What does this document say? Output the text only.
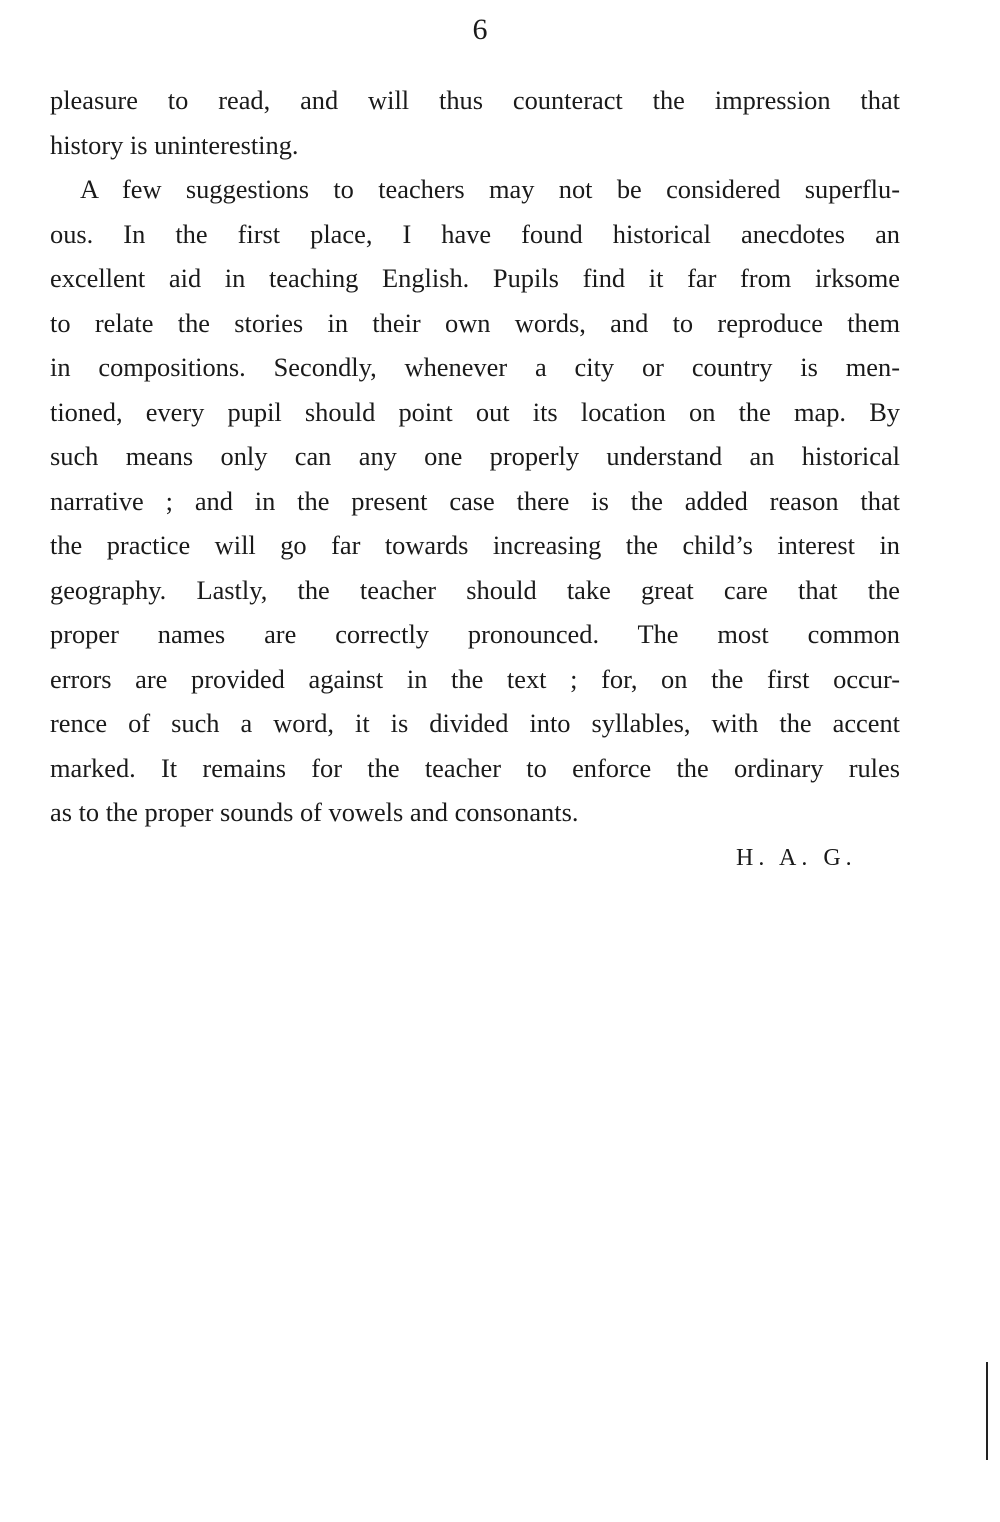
6
pleasure to read, and will thus counteract the impression that
history is uninteresting.
A few suggestions to teachers may not be considered superflu-
ous. In the first place, I have found historical anecdotes an
excellent aid in teaching English. Pupils find it far from irksome
to relate the stories in their own words, and to reproduce them
in compositions. Secondly, whenever a city or country is men-
tioned, every pupil should point out its location on the map. By
such means only can any one properly understand an historical
narrative ; and in the present case there is the added reason that
the practice will go far towards increasing the child’s interest in
geography. Lastly, the teacher should take great care that the
proper names are correctly pronounced. The most common
errors are provided against in the text ; for, on the first occur-
rence of such a word, it is divided into syllables, with the accent
marked. It remains for the teacher to enforce the ordinary rules
as to the proper sounds of vowels and consonants.
H. A. G.
